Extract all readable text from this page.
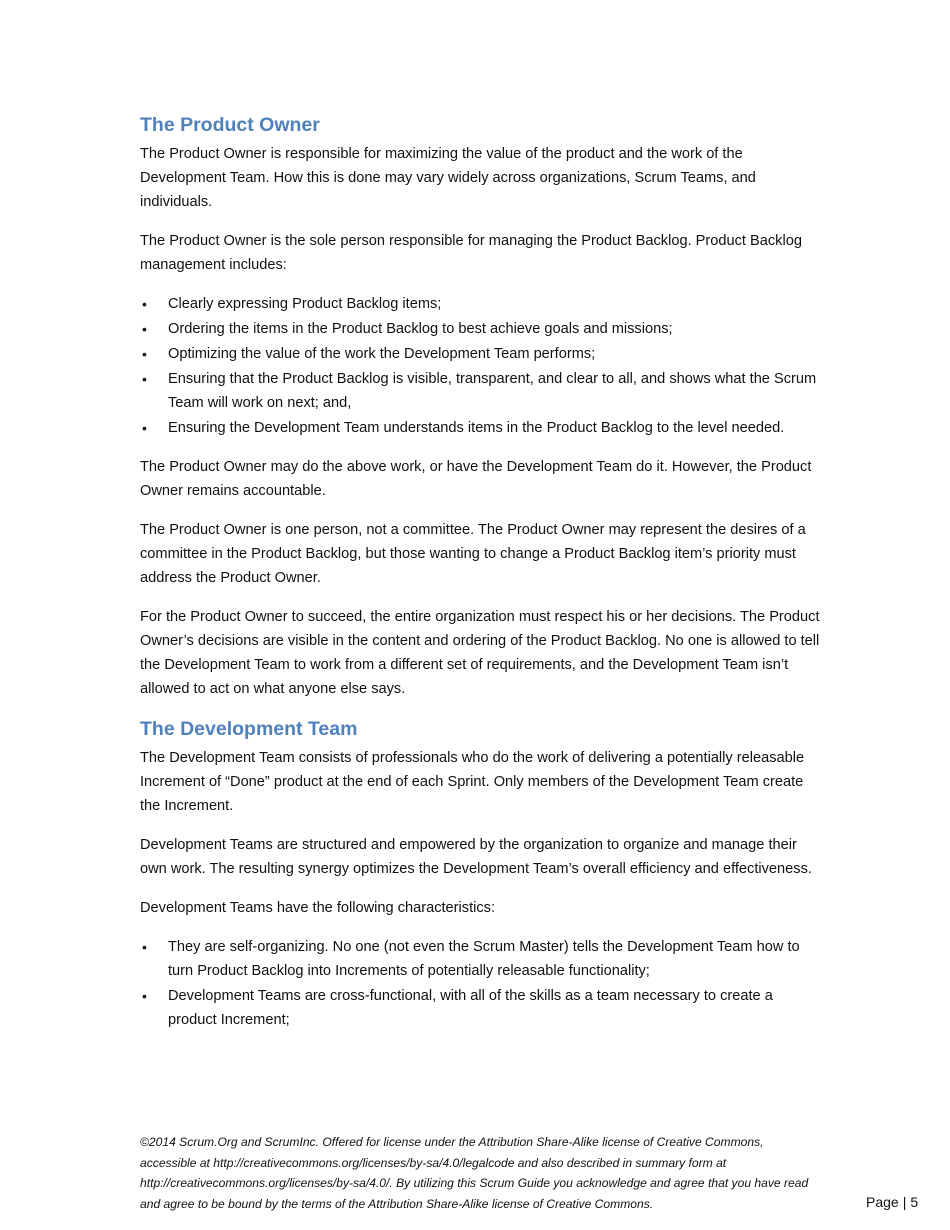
The Product Owner

The Product Owner is responsible for maximizing the value of the product and the work of the Development Team. How this is done may vary widely across organizations, Scrum Teams, and individuals.

The Product Owner is the sole person responsible for managing the Product Backlog. Product Backlog management includes:

• Clearly expressing Product Backlog items;
• Ordering the items in the Product Backlog to best achieve goals and missions;
• Optimizing the value of the work the Development Team performs;
• Ensuring that the Product Backlog is visible, transparent, and clear to all, and shows what the Scrum Team will work on next; and,
• Ensuring the Development Team understands items in the Product Backlog to the level needed.

The Product Owner may do the above work, or have the Development Team do it. However, the Product Owner remains accountable.

The Product Owner is one person, not a committee. The Product Owner may represent the desires of a committee in the Product Backlog, but those wanting to change a Product Backlog item’s priority must address the Product Owner.

For the Product Owner to succeed, the entire organization must respect his or her decisions. The Product Owner’s decisions are visible in the content and ordering of the Product Backlog. No one is allowed to tell the Development Team to work from a different set of requirements, and the Development Team isn’t allowed to act on what anyone else says.

The Development Team

The Development Team consists of professionals who do the work of delivering a potentially releasable Increment of “Done” product at the end of each Sprint. Only members of the Development Team create the Increment.

Development Teams are structured and empowered by the organization to organize and manage their own work. The resulting synergy optimizes the Development Team’s overall efficiency and effectiveness.

Development Teams have the following characteristics:

• They are self-organizing. No one (not even the Scrum Master) tells the Development Team how to turn Product Backlog into Increments of potentially releasable functionality;
• Development Teams are cross-functional, with all of the skills as a team necessary to create a product Increment;
©2014 Scrum.Org and ScrumInc. Offered for license under the Attribution Share-Alike license of Creative Commons, accessible at http://creativecommons.org/licenses/by-sa/4.0/legalcode and also described in summary form at http://creativecommons.org/licenses/by-sa/4.0/. By utilizing this Scrum Guide you acknowledge and agree that you have read and agree to be bound by the terms of the Attribution Share-Alike license of Creative Commons.	Page | 5
